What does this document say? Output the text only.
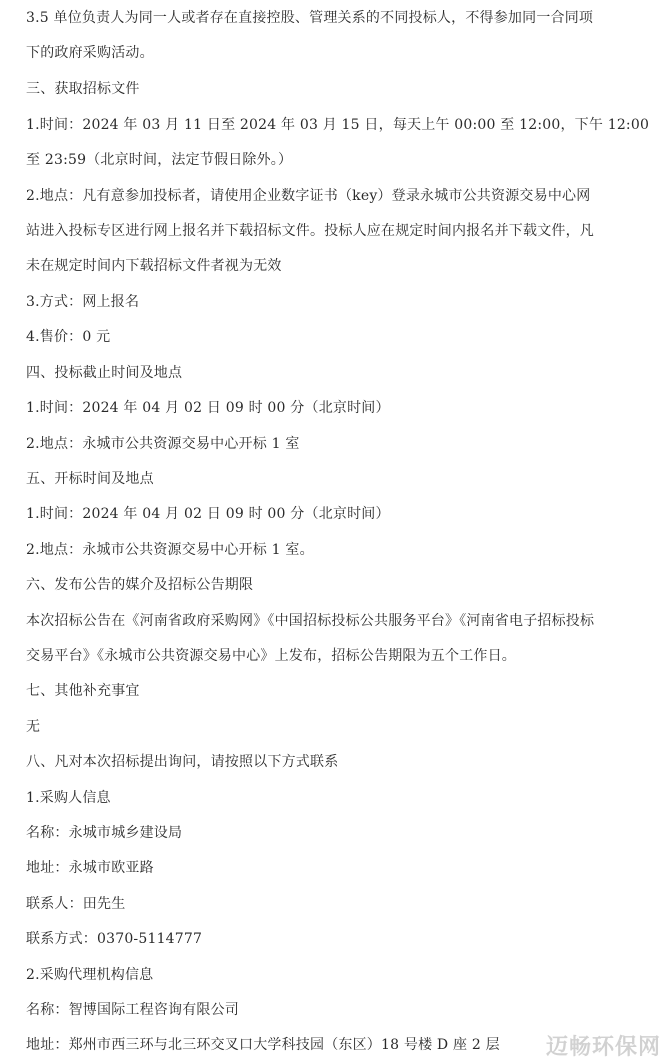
3.5 单位负责人为同一人或者存在直接控股、管理关系的不同投标人，不得参加同一合同项
下的政府采购活动。
三、获取招标文件
1.时间：2024 年 03 月 11 日至 2024 年 03 月 15 日，每天上午 00:00 至 12:00，下午 12:00
至 23:59（北京时间，法定节假日除外。）
2.地点：凡有意参加投标者，请使用企业数字证书（key）登录永城市公共资源交易中心网
站进入投标专区进行网上报名并下载招标文件。投标人应在规定时间内报名并下载文件，凡
未在规定时间内下载招标文件者视为无效
3.方式：网上报名
4.售价：0 元
四、投标截止时间及地点
1.时间：2024 年 04 月 02 日 09 时 00 分（北京时间）
2.地点：永城市公共资源交易中心开标 1 室
五、开标时间及地点
1.时间：2024 年 04 月 02 日 09 时 00 分（北京时间）
2.地点：永城市公共资源交易中心开标 1 室。
六、发布公告的媒介及招标公告期限
本次招标公告在《河南省政府采购网》《中国招标投标公共服务平台》《河南省电子招标投标
交易平台》《永城市公共资源交易中心》上发布，招标公告期限为五个工作日。
七、其他补充事宜
无
八、凡对本次招标提出询问，请按照以下方式联系
1.采购人信息
名称：永城市城乡建设局
地址：永城市欧亚路
联系人：田先生
联系方式：0370-5114777
2.采购代理机构信息
名称：智博国际工程咨询有限公司
地址：郑州市西三环与北三环交叉口大学科技园（东区）18 号楼 D 座 2 层 迈畅环保网
